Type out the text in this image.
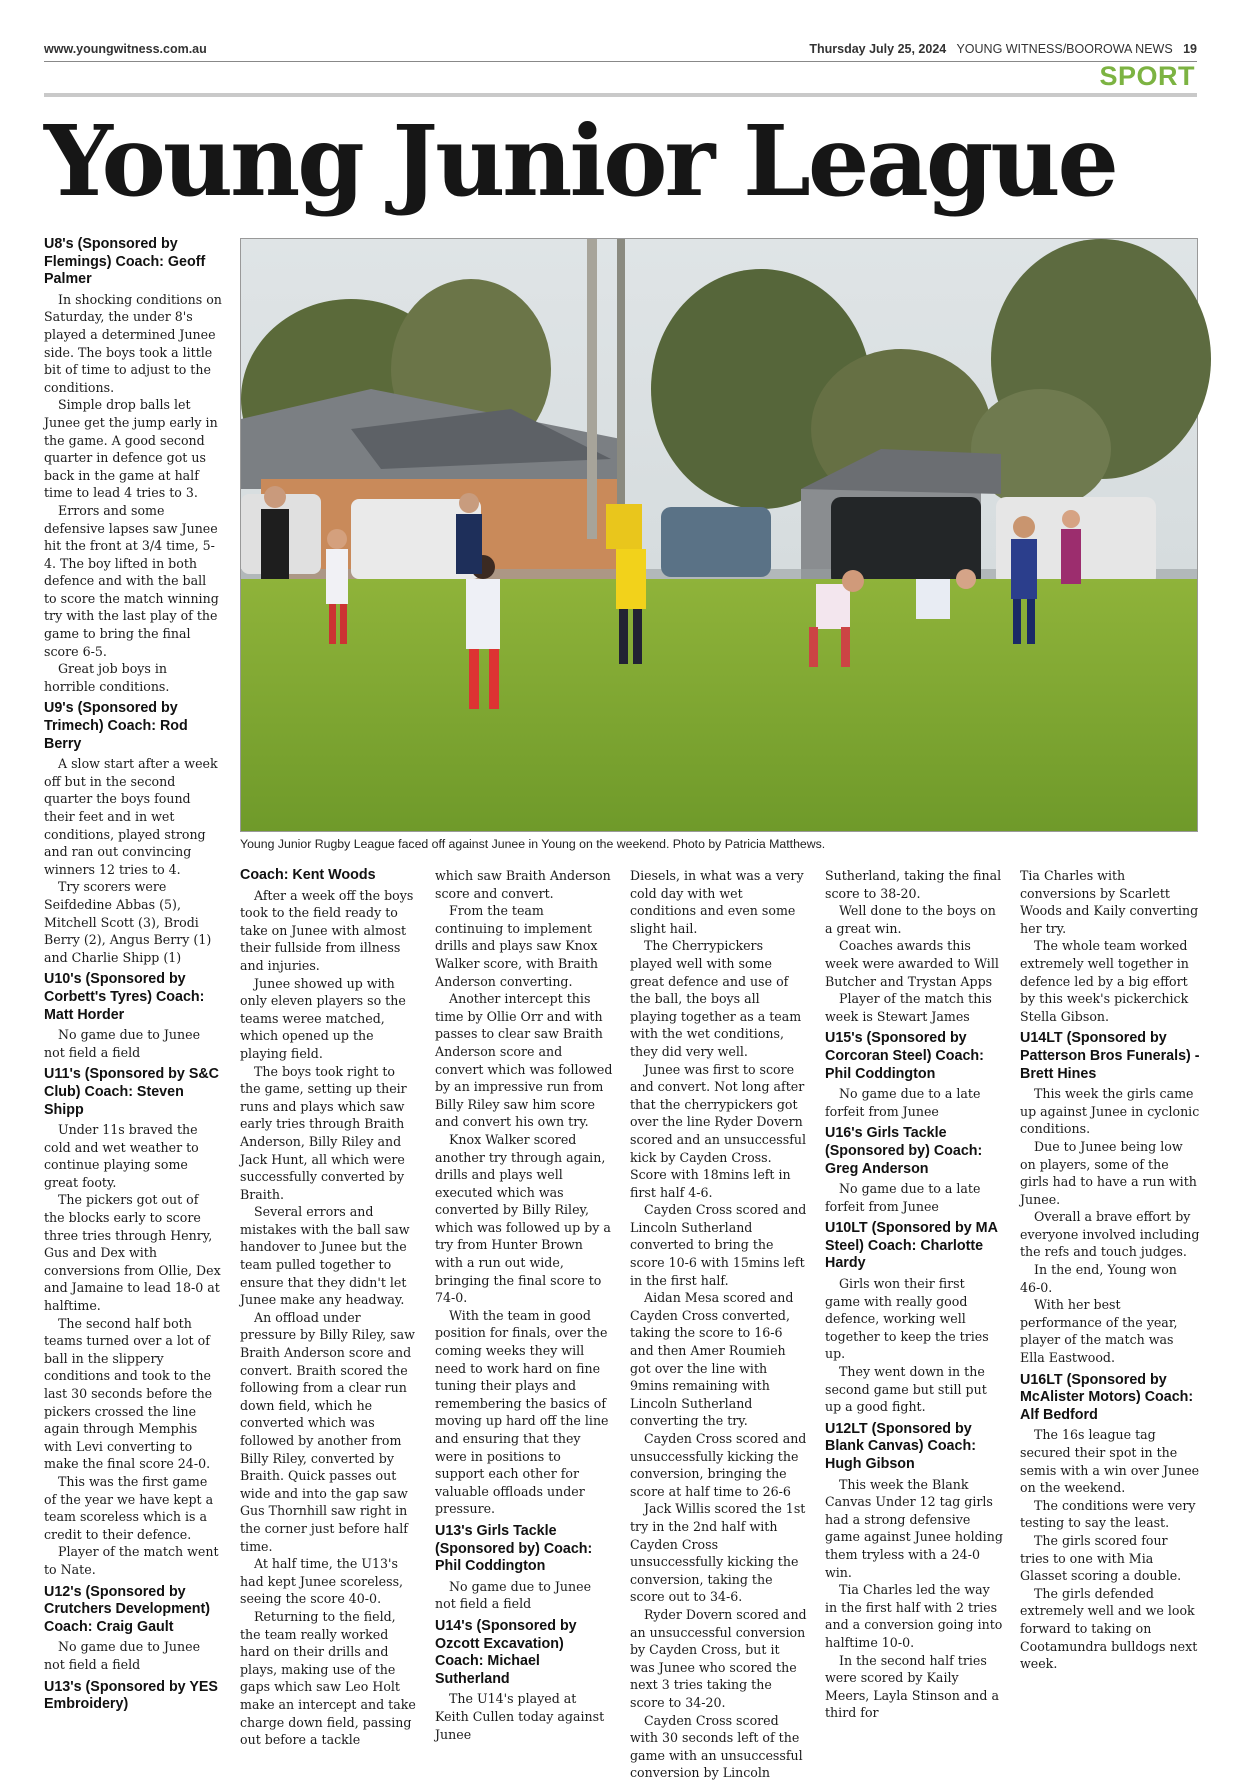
www.youngwitness.com.au	Thursday July 25, 2024 YOUNG WITNESS/BOOROWA NEWS 19
SPORT
Young Junior League
Young Junior Rugby League faced off against Junee in Young on the weekend. Photo by Patricia Matthews.
U8's (Sponsored by Flemings) Coach: Geoff Palmer

In shocking conditions on Saturday, the under 8's played a determined Junee side. The boys took a little bit of time to adjust to the conditions.

Simple drop balls let Junee get the jump early in the game. A good second quarter in defence got us back in the game at half time to lead 4 tries to 3.

Errors and some defensive lapses saw Junee hit the front at 3/4 time, 5-4. The boy lifted in both defence and with the ball to score the match winning try with the last play of the game to bring the final score 6-5.

Great job boys in horrible conditions.

U9's (Sponsored by Trimech) Coach: Rod Berry

A slow start after a week off but in the second quarter the boys found their feet and in wet conditions, played strong and ran out convincing winners 12 tries to 4.

Try scorers were Seifdedine Abbas (5), Mitchell Scott (3), Brodi Berry (2), Angus Berry (1) and Charlie Shipp (1)

U10's (Sponsored by Corbett's Tyres) Coach: Matt Horder

No game due to Junee not field a field

U11's (Sponsored by S&C Club) Coach: Steven Shipp

Under 11s braved the cold and wet weather to continue playing some great footy.

The pickers got out of the blocks early to score three tries through Henry, Gus and Dex with conversions from Ollie, Dex and Jamaine to lead 18-0 at halftime.

The second half both teams turned over a lot of ball in the slippery conditions and took to the last 30 seconds before the pickers crossed the line again through Memphis with Levi converting to make the final score 24-0.

This was the first game of the year we have kept a team scoreless which is a credit to their defence.

Player of the match went to Nate.

U12's (Sponsored by Crutchers Development) Coach: Craig Gault

No game due to Junee not field a field

U13's (Sponsored by YES Embroidery)
Coach: Kent Woods

After a week off the boys took to the field ready to take on Junee with almost their fullside from illness and injuries.

Junee showed up with only eleven players so the teams weree matched, which opened up the playing field.

The boys took right to the game, setting up their runs and plays which saw early tries through Braith Anderson, Billy Riley and Jack Hunt, all which were successfully converted by Braith.

Several errors and mistakes with the ball saw handover to Junee but the team pulled together to ensure that they didn't let Junee make any headway.

An offload under pressure by Billy Riley, saw Braith Anderson score and convert. Braith scored the following from a clear run down field, which he converted which was followed by another from Billy Riley, converted by Braith. Quick passes out wide and into the gap saw Gus Thornhill saw right in the corner just before half time.

At half time, the U13's had kept Junee scoreless, seeing the score 40-0.

Returning to the field, the team really worked hard on their drills and plays, making use of the gaps which saw Leo Holt make an intercept and take charge down field, passing out before a tackle

which saw Braith Anderson score and convert.

From the team continuing to implement drills and plays saw Knox Walker score, with Braith Anderson converting.

Another intercept this time by Ollie Orr and with passes to clear saw Braith Anderson score and convert which was followed by an impressive run from Billy Riley saw him score and convert his own try.

Knox Walker scored another try through again, drills and plays well executed which was converted by Billy Riley, which was followed up by a try from Hunter Brown with a run out wide, bringing the final score to 74-0.

With the team in good position for finals, over the coming weeks they will need to work hard on fine tuning their plays and remembering the basics of moving up hard off the line and ensuring that they were in positions to support each other for valuable offloads under pressure.

U13's Girls Tackle (Sponsored by) Coach: Phil Coddington

No game due to Junee not field a field

U14's (Sponsored by Ozcott Excavation) Coach: Michael Sutherland

The U14's played at Keith Cullen today against Junee

Diesels, in what was a very cold day with wet conditions and even some slight hail.

The Cherrypickers played well with some great defence and use of the ball, the boys all playing together as a team with the wet conditions, they did very well.

Junee was first to score and convert. Not long after that the cherrypickers got over the line Ryder Dovern scored and an unsuccessful kick by Cayden Cross. Score with 18mins left in first half 4-6.

Cayden Cross scored and Lincoln Sutherland converted to bring the score 10-6 with 15mins left in the first half.

Aidan Mesa scored and Cayden Cross converted, taking the score to 16-6 and then Amer Roumieh got over the line with 9mins remaining with Lincoln Sutherland converting the try.

Cayden Cross scored and unsuccessfully kicking the conversion, bringing the score at half time to 26-6

Jack Willis scored the 1st try in the 2nd half with Cayden Cross unsuccessfully kicking the conversion, taking the score out to 34-6.

Ryder Dovern scored and an unsuccessful conversion by Cayden Cross, but it was Junee who scored the next 3 tries taking the score to 34-20.

Cayden Cross scored with 30 seconds left of the game with an unsuccessful conversion by Lincoln

Sutherland, taking the final score to 38-20.

Well done to the boys on a great win.

Coaches awards this week were awarded to Will Butcher and Trystan Apps

Player of the match this week is Stewart James

U15's (Sponsored by Corcoran Steel) Coach: Phil Coddington

No game due to a late forfeit from Junee

U16's Girls Tackle (Sponsored by) Coach: Greg Anderson

No game due to a late forfeit from Junee

U10LT (Sponsored by MA Steel) Coach: Charlotte Hardy

Girls won their first game with really good defence, working well together to keep the tries up.

They went down in the second game but still put up a good fight.

U12LT (Sponsored by Blank Canvas) Coach: Hugh Gibson

This week the Blank Canvas Under 12 tag girls had a strong defensive game against Junee holding them tryless with a 24-0 win.

Tia Charles led the way in the first half with 2 tries and a conversion going into halftime 10-0.

In the second half tries were scored by Kaily Meers, Layla Stinson and a third for

Tia Charles with conversions by Scarlett Woods and Kaily converting her try.

The whole team worked extremely well together in defence led by a big effort by this week's pickerchick Stella Gibson.

U14LT (Sponsored by Patterson Bros Funerals) - Brett Hines

This week the girls came up against Junee in cyclonic conditions.

Due to Junee being low on players, some of the girls had to have a run with Junee.

Overall a brave effort by everyone involved including the refs and touch judges.

In the end, Young won 46-0.

With her best performance of the year, player of the match was Ella Eastwood.

U16LT (Sponsored by McAlister Motors) Coach: Alf Bedford

The 16s league tag secured their spot in the semis with a win over Junee on the weekend.

The conditions were very testing to say the least.

The girls scored four tries to one with Mia Glasset scoring a double.

The girls defended extremely well and we look forward to taking on Cootamundra bulldogs next week.
